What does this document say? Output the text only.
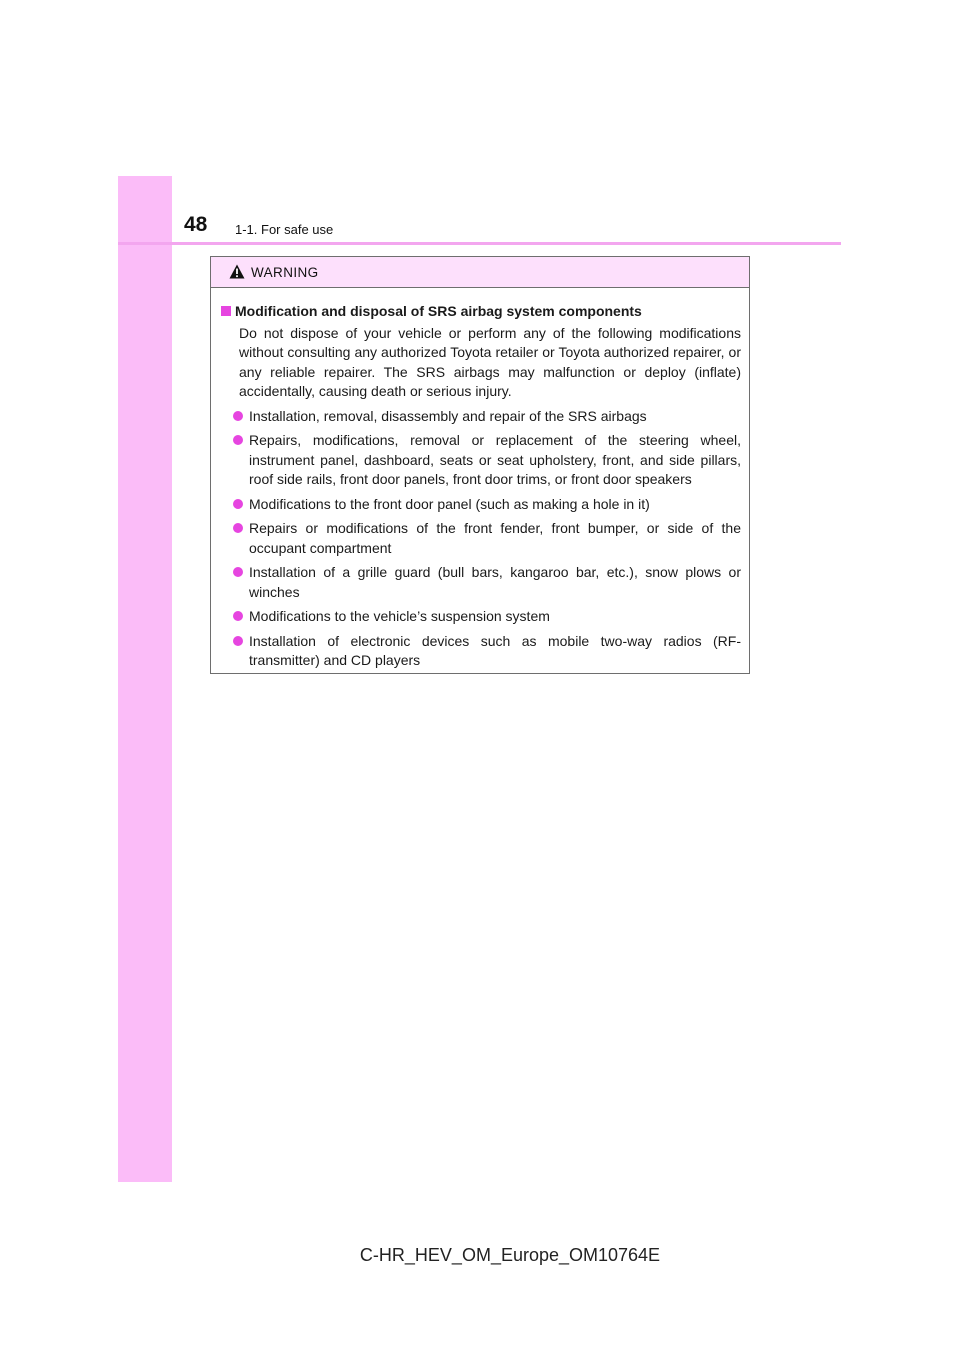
48 1-1. For safe use
WARNING
Modification and disposal of SRS airbag system components
Do not dispose of your vehicle or perform any of the following modifications without consulting any authorized Toyota retailer or Toyota authorized repairer, or any reliable repairer. The SRS airbags may malfunction or deploy (inflate) accidentally, causing death or serious injury.
Installation, removal, disassembly and repair of the SRS airbags
Repairs, modifications, removal or replacement of the steering wheel, instrument panel, dashboard, seats or seat upholstery, front, and side pillars, roof side rails, front door panels, front door trims, or front door speakers
Modifications to the front door panel (such as making a hole in it)
Repairs or modifications of the front fender, front bumper, or side of the occupant compartment
Installation of a grille guard (bull bars, kangaroo bar, etc.), snow plows or winches
Modifications to the vehicle’s suspension system
Installation of electronic devices such as mobile two-way radios (RF-transmitter) and CD players
C-HR_HEV_OM_Europe_OM10764E
